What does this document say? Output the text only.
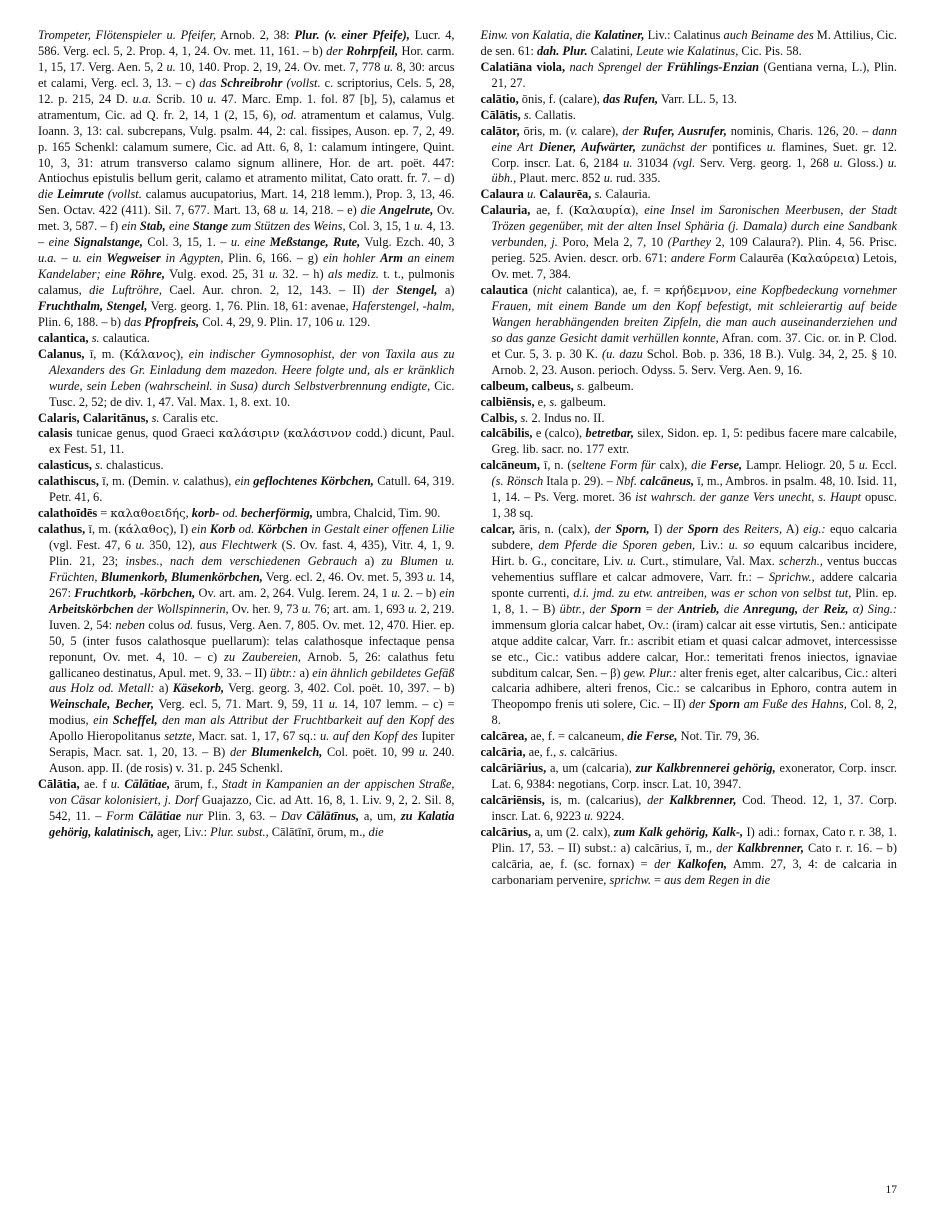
Trompeter, Flötenspieler u. Pfeifer, Arnob. 2, 38: Plur. (v. einer Pfeife), Lucr. 4, 586. Verg. ecl. 5, 2. Prop. 4, 1, 24. Ov. met. 11, 161. – b) der Rohrpfeil, Hor. carm. 1, 15, 17. Verg. Aen. 5, 2 u. 10, 140. Prop. 2, 19, 24. Ov. met. 7, 778 u. 8, 30: arcus et calami, Verg. ecl. 3, 13. – c) das Schreibrohr (vollst. c. scriptorius, Cels. 5, 28, 12. p. 215, 24 D. u.a. Scrib. 10 u. 47. Marc. Emp. 1. fol. 87 [b], 5), calamus et atramentum, Cic. ad Q. fr. 2, 14, 1 (2, 15, 6), od. atramentum et calamus, Vulg. Ioann. 3, 13: cal. subcrepans, Vulg. psalm. 44, 2: cal. fissipes, Auson. ep. 7, 2, 49. p. 165 Schenkl: calamum sumere, Cic. ad Att. 6, 8, 1: calamum intingere, Quint. 10, 3, 31: atrum transverso calamo signum allinere, Hor. de art. poët. 447: Antiochus epistulis bellum gerit, calamo et atramento militat, Cato oratt. fr. 7. – d) die Leimrute (vollst. calamus aucupatorius, Mart. 14, 218 lemm.), Prop. 3, 13, 46. Sen. Octav. 422 (411). Sil. 7, 677. Mart. 13, 68 u. 14, 218. – e) die Angelrute, Ov. met. 3, 587. – f) ein Stab, eine Stange zum Stützen des Weins, Col. 3, 15, 1 u. 4, 13. – eine Signalstange, Col. 3, 15, 1. – u. eine Meßstange, Rute, Vulg. Ezch. 40, 3 u.a. – u. ein Wegweiser in Agypten, Plin. 6, 166. – g) ein hohler Arm an einem Kandelaber; eine Röhre, Vulg. exod. 25, 31 u. 32. – h) als mediz. t. t., pulmonis calamus, die Luftröhre, Cael. Aur. chron. 2, 12, 143. – II) der Stengel, a) Fruchthalm, Stengel, Verg. georg. 1, 76. Plin. 18, 61: avenae, Haferstengel, -halm, Plin. 6, 188. – b) das Pfropfreis, Col. 4, 29, 9. Plin. 17, 106 u. 129.

calantica, s. calautica.

Calanus, ī, m. (Κάλανος), ein indischer Gymnosophist, der von Taxila aus zu Alexanders des Gr. Einladung dem mazedon. Heere folgte und, als er kränklich wurde, sein Leben (wahrscheinl. in Susa) durch Selbstverbrennung endigte, Cic. Tusc. 2, 52; de div. 1, 47. Val. Max. 1, 8. ext. 10.

Calaris, Calaritānus, s. Caralis etc.

calasis tunicae genus, quod Graeci καλάσιριν (καλάσινον codd.) dicunt, Paul. ex Fest. 51, 11.

calasticus, s. chalasticus.

calathiscus, ī, m. (Demin. v. calathus), ein geflochtenes Körbchen, Catull. 64, 319. Petr. 41, 6.

calathoīdēs = καλαθοειδής, korb- od. becherförmig, umbra, Chalcid, Tim. 90.

calathus, ī, m. (κάλαθος), I) ein Korb od. Körbchen in Gestalt einer offenen Lilie (vgl. Fest. 47, 6 u. 350, 12), aus Flechtwerk (S. Ov. fast. 4, 435), Vitr. 4, 1, 9. Plin. 21, 23; insbes., nach dem verschiedenen Gebrauch a) zu Blumen u. Früchten, Blumenkorb, Blumenkörbchen, Verg. ecl. 2, 46. Ov. met. 5, 393 u. 14, 267: Fruchtkorb, -körbchen, Ov. art. am. 2, 264. Vulg. Ierem. 24, 1 u. 2. – b) ein Arbeitskörbchen der Wollspinnerin, Ov. her. 9, 73 u. 76; art. am. 1, 693 u. 2, 219. Iuven. 2, 54: neben colus od. fusus, Verg. Aen. 7, 805. Ov. met. 12, 470. Hier. ep. 50, 5 (inter fusos calathosque puellarum): telas calathosque infectaque pensa reponunt, Ov. met. 4, 10. – c) zu Zaubereien, Arnob. 5, 26: calathus fetu gallicaneo destinatus, Apul. met. 9, 33. – II) übtr.: a) ein ähnlich gebildetes Gefäß aus Holz od. Metall: a) Käsekorb, Verg. georg. 3, 402. Col. poët. 10, 397. – b) Weinschale, Becher, Verg. ecl. 5, 71. Mart. 9, 59, 11 u. 14, 107 lemm. – c) = modius, ein Scheffel, den man als Attribut der Fruchtbarkeit auf den Kopf des Apollo Hieropolitanus setzte, Macr. sat. 1, 17, 67 sq.: u. auf den Kopf des Iupiter Serapis, Macr. sat. 1, 20, 13. – B) der Blumenkelch, Col. poët. 10, 99 u. 240. Auson. app. II. (de rosis) v. 31. p. 245 Schenkl.

Cālātia, ae. f u. Cālātiae, ārum, f., Stadt in Kampanien an der appischen Straße, von Cäsar kolonisiert, j. Dorf Guajazzo, Cic. ad Att. 16, 8, 1. Liv. 9, 2, 2. Sil. 8, 542, 11. – Form Cālātiae nur Plin. 3, 63. – Dav Cālātīnus, a, um, zu Kalatia gehörig, kalatinisch, ager, Liv.: Plur. subst., Cālātīnī, ōrum, m., die

Einw. von Kalatia, die Kalatiner, Liv.: Calatinus auch Beiname des M. Attilius, Cic. de sen. 61: dah. Plur. Calatini, Leute wie Kalatinus, Cic. Pis. 58.

Calatiāna viola, nach Sprengel der Frühlings-Enzian (Gentiana verna, L.), Plin. 21, 27.

calātio, ōnis, f. (calare), das Rufen, Varr. LL. 5, 13.

Cālātis, s. Callatis.

calātor, ōris, m. (v. calare), der Rufer, Ausrufer, nominis, Charis. 126, 20. – dann eine Art Diener, Aufwärter, zunächst der pontifices u. flamines, Suet. gr. 12. Corp. inscr. Lat. 6, 2184 u. 31034 (vgl. Serv. Verg. georg. 1, 268 u. Gloss.) u. übh., Plaut. merc. 852 u. rud. 335.

Calaura u. Calaurēa, s. Calauria.

Calauria, ae, f. (Καλαυρία), eine Insel im Saronischen Meerbusen, der Stadt Trözen gegenüber, mit der alten Insel Sphäria (j. Damala) durch eine Sandbank verbunden, j. Poro, Mela 2, 7, 10 (Parthey 2, 109 Calaura?). Plin. 4, 56. Prisc. perieg. 525. Avien. descr. orb. 671: andere Form Calaurēa (Καλαύρεια) Letois, Ov. met. 7, 384.

calautica (nicht calantica), ae, f. = κρήδεμνον, eine Kopfbedeckung vornehmer Frauen, mit einem Bande um den Kopf befestigt, mit schleierartig auf beide Wangen herabhängenden breiten Zipfeln, die man auch auseinanderziehen und so das ganze Gesicht damit verhüllen konnte, Afran. com. 37. Cic. or. in P. Clod. et Cur. 5, 3. p. 30 K. (u. dazu Schol. Bob. p. 336, 18 B.). Vulg. 34, 2, 25. § 10. Arnob. 2, 23. Auson. perioch. Odyss. 5. Serv. Verg. Aen. 9, 16.

calbeum, calbeus, s. galbeum.

calbiēnsis, e, s. galbeum.

Calbis, s. 2. Indus no. II.

calcābilis, e (calco), betretbar, silex, Sidon. ep. 1, 5: pedibus facere mare calcabile, Greg. lib. sacr. no. 177 extr.

calcāneum, ī, n. (seltene Form für calx), die Ferse, Lampr. Heliogr. 20, 5 u. Eccl. (s. Rönsch Itala p. 29). – Nbf. calcāneus, ī, m., Ambros. in psalm. 48, 10. Isid. 11, 1, 14. – Ps. Verg. moret. 36 ist wahrsch. der ganze Vers unecht, s. Haupt opusc. 1, 38 sq.

calcar, āris, n. (calx), der Sporn, I) der Sporn des Reiters, A) eig.: equo calcaria subdere, dem Pferde die Sporen geben, Liv.: u. so equum calcaribus incidere, Hirt. b. G., concitare, Liv. u. Curt., stimulare, Val. Max. scherzh., ventus buccas vehementius sufflare et calcar admovere, Varr. fr.: – Sprichw., addere calcaria sponte currenti, d.i. jmd. zu etw. antreiben, was er schon von selbst tut, Plin. ep. 1, 8, 1. – B) übtr., der Sporn = der Antrieb, die Anregung, der Reiz, α) Sing.: immensum gloria calcar habet, Ov.: (iram) calcar ait esse virtutis, Sen.: anticipate atque addite calcar, Varr. fr.: ascribit etiam et quasi calcar admovet, intercessisse se etc., Cic.: vatibus addere calcar, Hor.: temeritati frenos iniectos, ignaviae subditum calcar, Sen. – β) gew. Plur.: alter frenis eget, alter calcaribus, Cic.: alteri calcaria adhibere, alteri frenos, Cic.: se calcaribus in Ephoro, contra autem in Theopompo frenis uti solere, Cic. – II) der Sporn am Fuße des Hahns, Col. 8, 2, 8.

calcārea, ae, f. = calcaneum, die Ferse, Not. Tir. 79, 36.

calcāria, ae, f., s. calcārius.

calcāriārius, a, um (calcaria), zur Kalkbrennerei gehörig, exonerator, Corp. inscr. Lat. 6, 9384: negotians, Corp. inscr. Lat. 10, 3947.

calcāriēnsis, is, m. (calcarius), der Kalkbrenner, Cod. Theod. 12, 1, 37. Corp. inscr. Lat. 6, 9223 u. 9224.

calcārius, a, um (2. calx), zum Kalk gehörig, Kalk-, I) adi.: fornax, Cato r. r. 38, 1. Plin. 17, 53. – II) subst.: a) calcārius, ī, m., der Kalkbrenner, Cato r. r. 16. – b) calcāria, ae, f. (sc. fornax) = der Kalkofen, Amm. 27, 3, 4: de calcaria in carbonariam pervenire, sprichw. = aus dem Regen in die

17
